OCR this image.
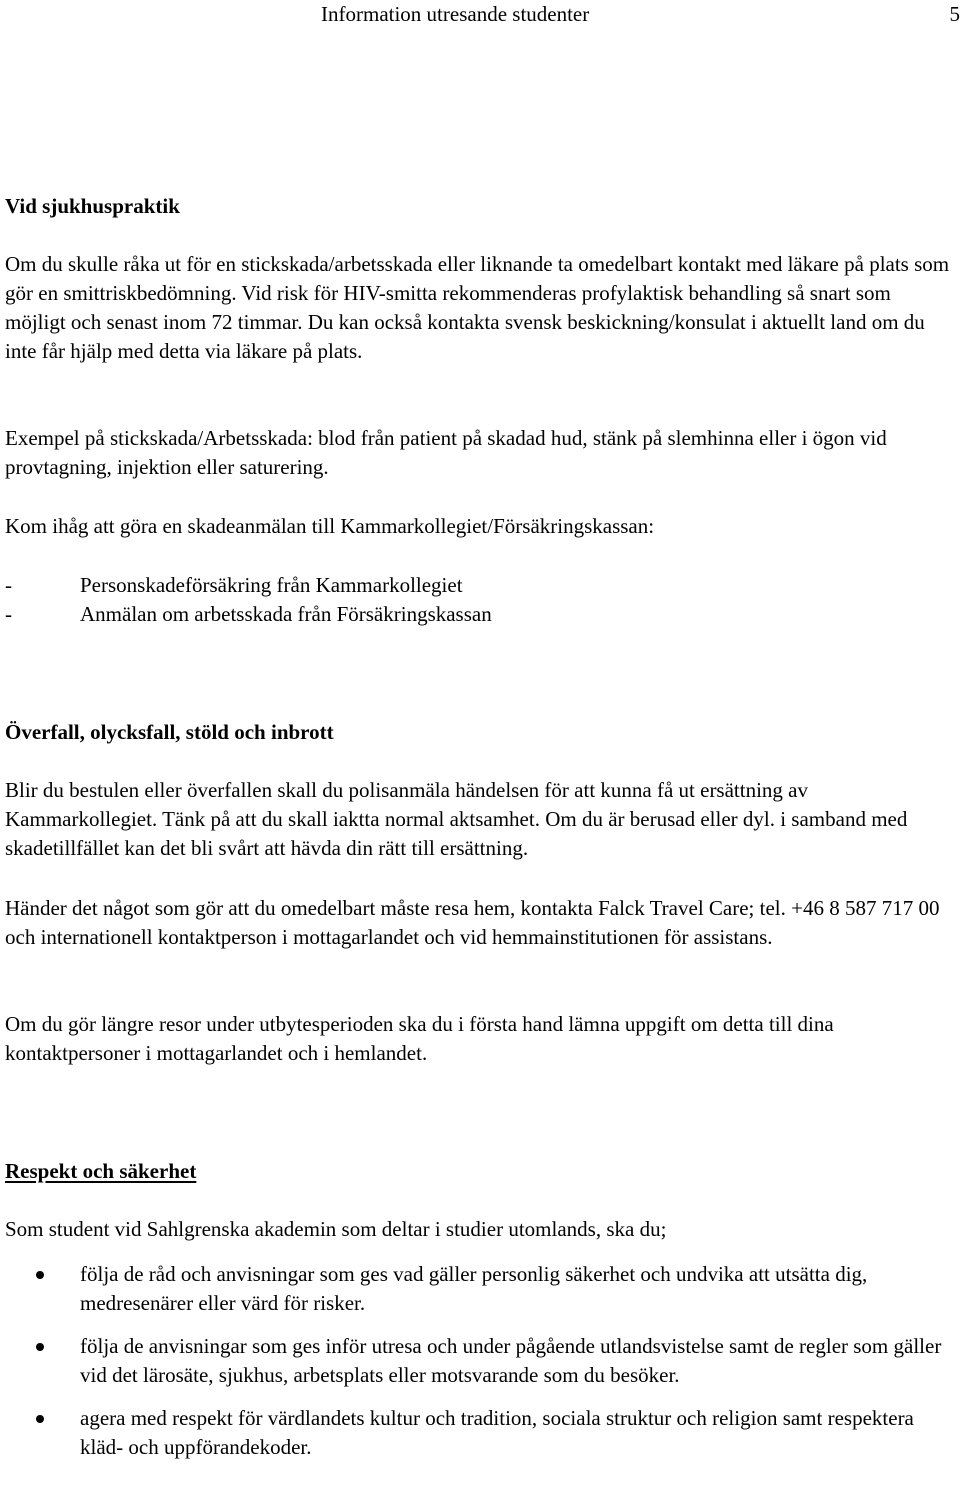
Information utresande studenter	5
Vid sjukhuspraktik

Om du skulle råka ut för en stickskada/arbetsskada eller liknande ta omedelbart kontakt med läkare på plats som gör en smittriskbedömning. Vid risk för HIV-smitta rekommenderas profylaktisk behandling så snart som möjligt och senast inom 72 timmar. Du kan också kontakta svensk beskickning/konsulat i aktuellt land om du inte får hjälp med detta via läkare på plats.

Exempel på stickskada/Arbetsskada: blod från patient på skadad hud, stänk på slemhinna eller i ögon vid provtagning, injektion eller saturering.

Kom ihåg att göra en skadeanmälan till Kammarkollegiet/Försäkringskassan:

-	Personskadeförsäkring från Kammarkollegiet
-	Anmälan om arbetsskada från Försäkringskassan
Överfall, olycksfall, stöld och inbrott

Blir du bestulen eller överfallen skall du polisanmäla händelsen för att kunna få ut ersättning av Kammarkollegiet. Tänk på att du skall iaktta normal aktsamhet. Om du är berusad eller dyl. i samband med skadetillfället kan det bli svårt att hävda din rätt till ersättning.

Händer det något som gör att du omedelbart måste resa hem, kontakta Falck Travel Care; tel. +46 8 587 717 00 och internationell kontaktperson i mottagarlandet och vid hemmainstitutionen för assistans.

Om du gör längre resor under utbytesperioden ska du i första hand lämna uppgift om detta till dina kontaktpersoner i mottagarlandet och i hemlandet.

Respekt och säkerhet

Som student vid Sahlgrenska akademin som deltar i studier utomlands, ska du;

följa de råd och anvisningar som ges vad gäller personlig säkerhet och undvika att utsätta dig, medresenärer eller värd för risker.
följa de anvisningar som ges inför utresa och under pågående utlandsvistelse samt de regler som gäller vid det lärosäte, sjukhus, arbetsplats eller motsvarande som du besöker.
agera med respekt för värdlandets kultur och tradition, sociala struktur och religion samt respektera kläd- och uppförandekoder.
